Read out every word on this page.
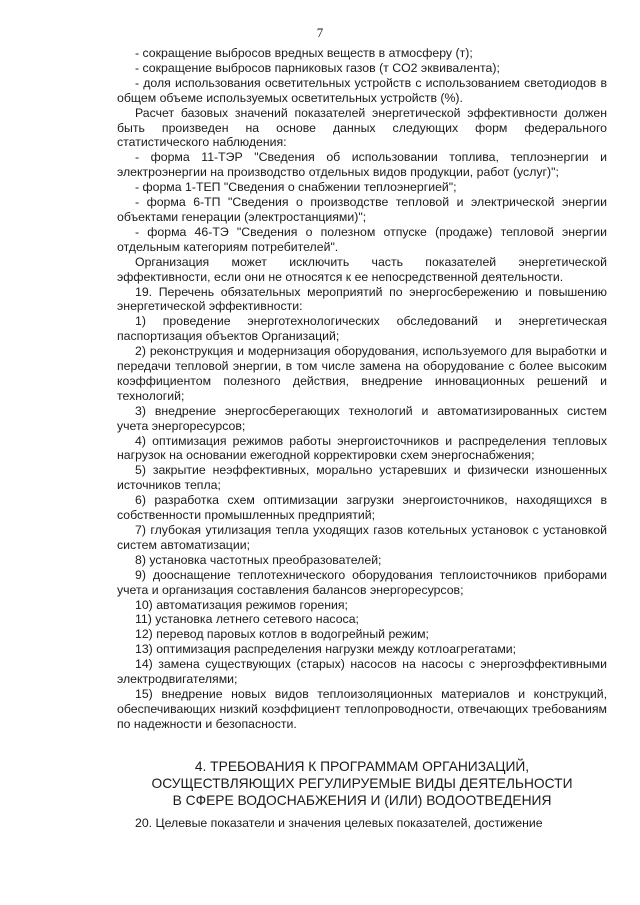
7

- сокращение выбросов вредных веществ в атмосферу (т);

- сокращение выбросов парниковых газов (т CO2 эквивалента);

- доля использования осветительных устройств с использованием светодиодов в общем объеме используемых осветительных устройств (%).

Расчет базовых значений показателей энергетической эффективности должен быть произведен на основе данных следующих форм федерального статистического наблюдения:

- форма 11-ТЭР "Сведения об использовании топлива, теплоэнергии и электроэнергии на производство отдельных видов продукции, работ (услуг)";

- форма 1-ТЕП "Сведения о снабжении теплоэнергией";

- форма 6-ТП "Сведения о производстве тепловой и электрической энергии объектами генерации (электростанциями)";

- форма 46-ТЭ "Сведения о полезном отпуске (продаже) тепловой энергии отдельным категориям потребителей".

Организация может исключить часть показателей энергетической эффективности, если они не относятся к ее непосредственной деятельности.

19. Перечень обязательных мероприятий по энергосбережению и повышению энергетической эффективности:

1) проведение энерготехнологических обследований и энергетическая паспортизация объектов Организаций;

2) реконструкция и модернизация оборудования, используемого для выработки и передачи тепловой энергии, в том числе замена на оборудование с более высоким коэффициентом полезного действия, внедрение инновационных решений и технологий;

3) внедрение энергосберегающих технологий и автоматизированных систем учета энергоресурсов;

4) оптимизация режимов работы энергоисточников и распределения тепловых нагрузок на основании ежегодной корректировки схем энергоснабжения;

5) закрытие неэффективных, морально устаревших и физически изношенных источников тепла;

6) разработка схем оптимизации загрузки энергоисточников, находящихся в собственности промышленных предприятий;

7) глубокая утилизация тепла уходящих газов котельных установок с установкой систем автоматизации;

8) установка частотных преобразователей;

9) дооснащение теплотехнического оборудования теплоисточников приборами учета и организация составления балансов энергоресурсов;

10) автоматизация режимов горения;

11) установка летнего сетевого насоса;

12) перевод паровых котлов в водогрейный режим;

13) оптимизация распределения нагрузки между котлоагрегатами;

14) замена существующих (старых) насосов на насосы с энергоэффективными электродвигателями;

15) внедрение новых видов теплоизоляционных материалов и конструкций, обеспечивающих низкий коэффициент теплопроводности, отвечающих требованиям по надежности и безопасности.

4. ТРЕБОВАНИЯ К ПРОГРАММАМ ОРГАНИЗАЦИЙ,
ОСУЩЕСТВЛЯЮЩИХ РЕГУЛИРУЕМЫЕ ВИДЫ ДЕЯТЕЛЬНОСТИ
В СФЕРЕ ВОДОСНАБЖЕНИЯ И (ИЛИ) ВОДООТВЕДЕНИЯ

20. Целевые показатели и значения целевых показателей, достижение
